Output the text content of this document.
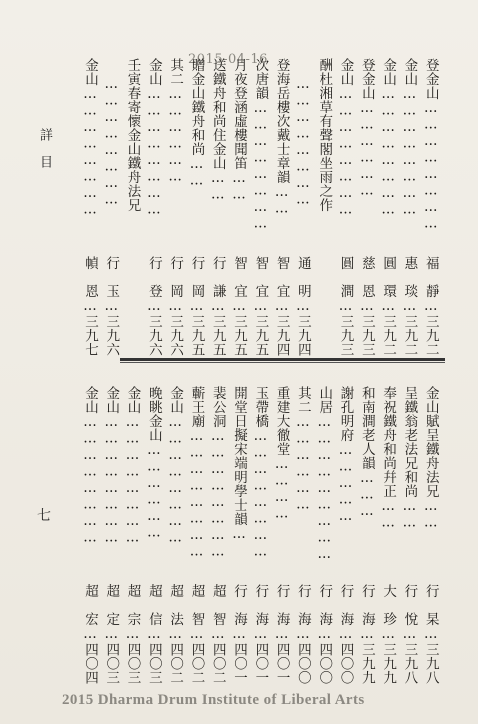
2015-04-16
詳目
七
登金山……………………
福　靜…三九二
金山……………………
惠　琰…三九二
金山……………………
圓　環…三九二
登金山………………
慈　恩…三九三
金山……………………
圓　澗…三九三
酬杜湘草有聲閣坐雨之作
……………………
通　明…三九四
登海岳樓次戴士章韻……
智　宜…三九四
次唐韻……………………
智　宜…三九五
月夜登涵虛樓聞笛……
智　宜…三九五
送鐵舟和尚住金山……
行　謙…三九五
贈金山鐵舟和尚……
行　岡…三九五
其二………………
行　岡…三九六
金山……………………
行　登…三九六
壬寅春寄懷金山鐵舟法兄
……………………
行　玉…三九六
金山……………………
幀　恩…三九七
金山賦呈鐵舟法兄……
行　杲…三九八
呈鐵翁老法兄和尚……
行　悅…三九八
奉祝鐵舟和尚幷正……
大　珍…三九九
和南澗老人韻………
行　海…三九九
謝孔明府……………
行　海…四〇〇
山居………………………
行　海…四〇〇
其二………………
行　海…四〇〇
重建大徹堂…………
行　海…四〇一
玉帶橋……………………
行　海…四〇一
開堂日擬宋端明學士韻…
行　海…四〇一
裴公洞……………………
超　智…四〇二
蘄王廟……………………
超　智…四〇二
金山……………………
超　法…四〇二
晚眺金山………………
超　信…四〇三
金山……………………
超　宗…四〇三
金山……………………
超　定…四〇三
金山……………………
超　宏…四〇四
2015 Dharma Drum Institute of Liberal Arts
